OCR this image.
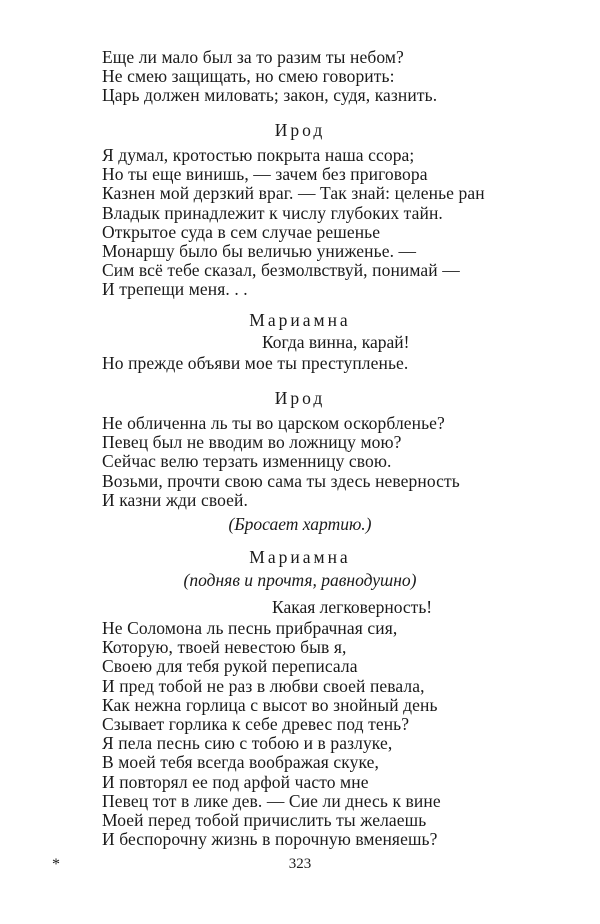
Еще ли мало был за то разим ты небом?
Не смею защищать, но смею говорить:
Царь должен миловать; закон, судя, казнить.
Ирод
Я думал, кротостью покрыта наша ссора;
Но ты еще винишь, — зачем без приговора
Казнен мой дерзкий враг. — Так знай: целенье ран
Владык принадлежит к числу глубоких тайн.
Открытое суда в сем случае решенье
Монаршу было бы величью униженье. —
Сим всё тебе сказал, безмолвствуй, понимай —
И трепещи меня. . .
Мариамна
Когда винна, карай!
Но прежде объяви мое ты преступленье.
Ирод
Не обличенна ль ты во царском оскорбленье?
Певец был не вводим во ложницу мою?
Сейчас велю терзать изменницу свою.
Возьми, прочти свою сама ты здесь неверность
И казни жди своей.
(Бросает хартию.)
Мариамна
(подняв и прочтя, равнодушно)
Какая легковерность!
Не Соломона ль песнь прибрачная сия,
Которую, твоей невестою быв я,
Своею для тебя рукой переписала
И пред тобой не раз в любви своей певала,
Как нежна горлица с высот во знойный день
Сзывает горлика к себе древес под тень?
Я пела песнь сию с тобою и в разлуке,
В моей тебя всегда воображая скуке,
И повторял ее под арфой часто мне
Певец тот в лике дев. — Сие ли днесь к вине
Моей перед тобой причислить ты желаешь
И беспорочну жизнь в порочную вменяешь?
*	323
